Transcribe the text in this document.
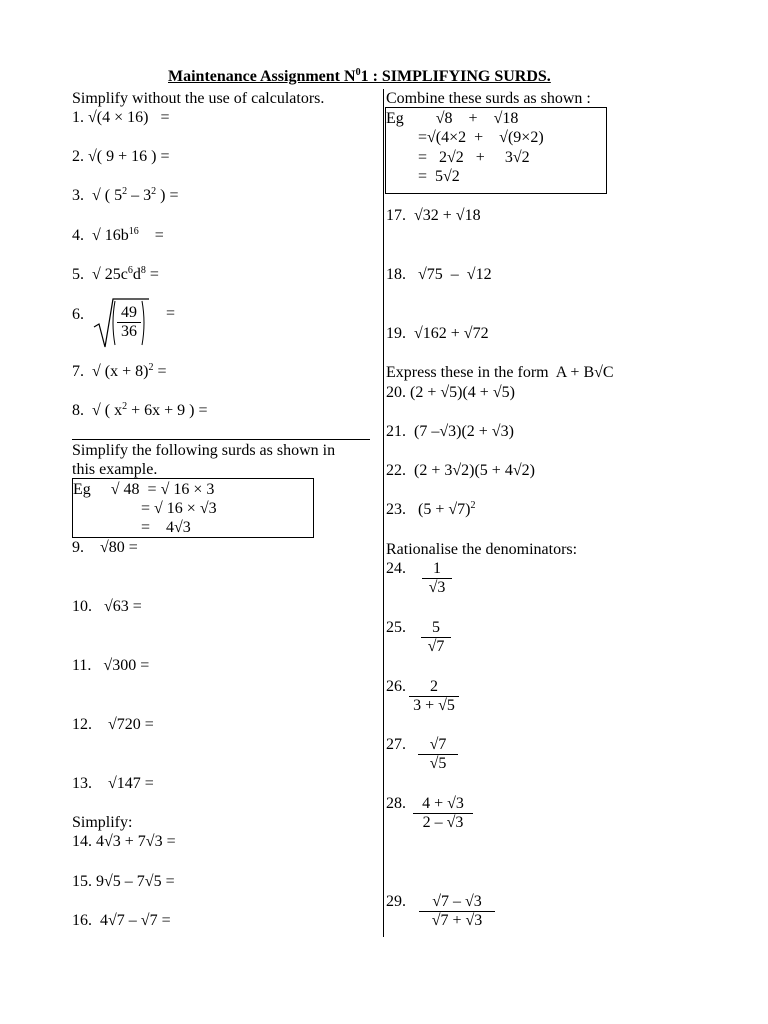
Maintenance Assignment $N^01$ : SIMPLIFYING SURDS.
Simplify without the use of calculators.
1. √(4 × 16)   =
2. √( 9 + 16 ) =
3.  √ ( $5^2 - 3^2$ ) =
4.  √ $16b^{16}$    =
5.  √ $25c^6d^8$ =
6. $\frac{49}{36}$ =
7.  √ $(x + 8)^2$ =
8.  √ ( $x^2 + 6x + 9$ ) =
Simplify the following surds as shown in
this example.
Eg     √ 48  = √ 16 × 3
= √ 16 × √3
=    4√3
9.    √80 =
10.   √63 =
11.   √300 =
12.    √720 =
13.    √147 =
Simplify:
14. 4√3 + 7√3 =
15. 9√5 – 7√5 =
16.  4√7 – √7 =
Combine these surds as shown :
Eg        √8    +    √18
=√(4×2  +    √(9×2)
=   2√2   +     3√2
=  5√2
17.  √32 + √18
18.   √75  –  √12
19.  √162 + √72
Express these in the form  A + B√C
20. (2 + √5)(4 + √5)
21.  (7 –√3)(2 + √3)
22.  (2 + 3√2)(5 + 4√2)
23.   $(5 + √7)^2$
Rationalise the denominators:
24. $\frac{1}{√3}$
25. $\frac{5}{√7}$
26. $\frac{2}{3 + √5}$
27. $\frac{√7}{√5}$
28. $\frac{4 + √3}{2 - √3}$
29. $\frac{√7 - √3}{√7 + √3}$
